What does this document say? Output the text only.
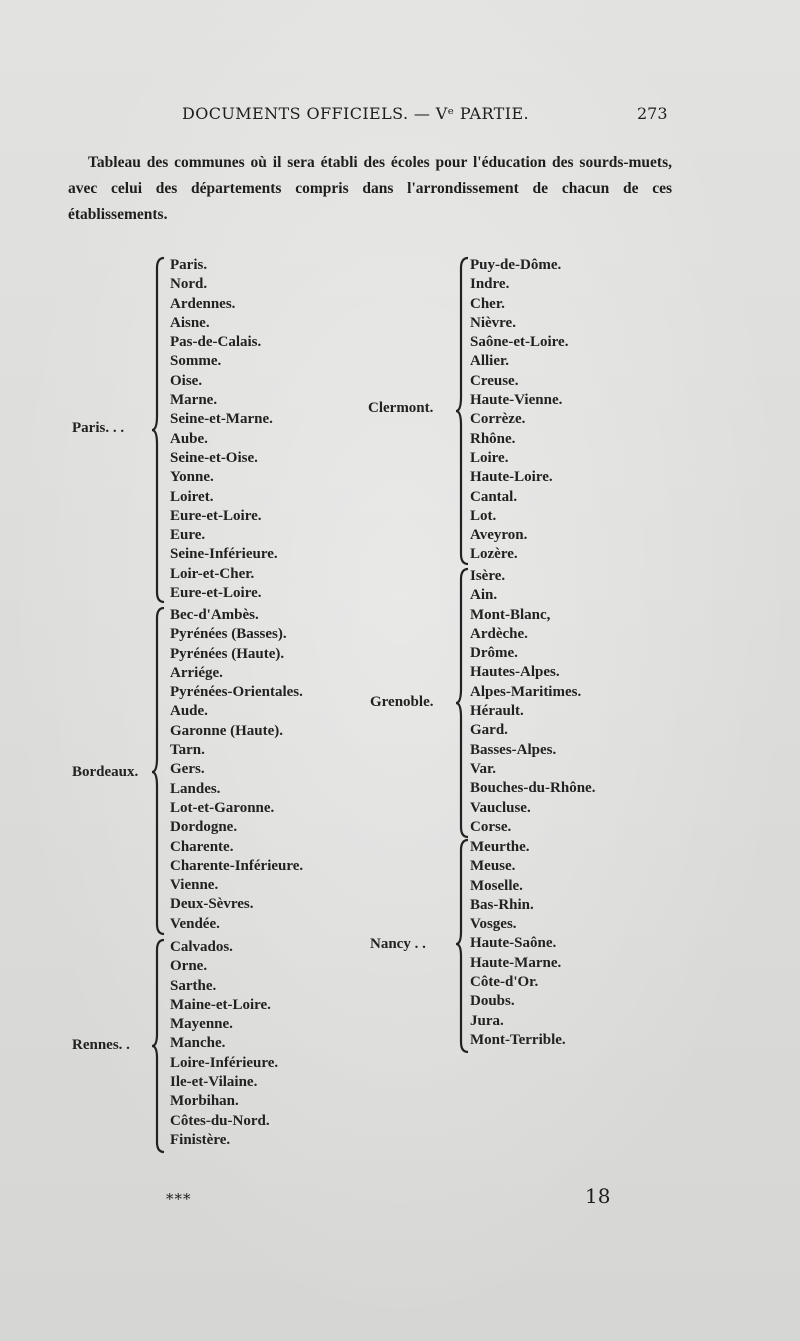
DOCUMENTS OFFICIELS. — Vᵉ PARTIE.	273

Tableau des communes où il sera établi des écoles pour l'éducation des sourds-muets, avec celui des départements compris dans l'arrondissement de chacun de ces établissements.

Paris. . .
Paris.
Nord.
Ardennes.
Aisne.
Pas-de-Calais.
Somme.
Oise.
Marne.
Seine-et-Marne.
Aube.
Seine-et-Oise.
Yonne.
Loiret.
Eure-et-Loire.
Eure.
Seine-Inférieure.
Loir-et-Cher.
Eure-et-Loire.
Bordeaux.
Bec-d'Ambès.
Pyrénées (Basses).
Pyrénées (Haute).
Arriége.
Pyrénées-Orientales.
Aude.
Garonne (Haute).
Tarn.
Gers.
Landes.
Lot-et-Garonne.
Dordogne.
Charente.
Charente-Inférieure.
Vienne.
Deux-Sèvres.
Vendée.
Rennes. .
Calvados.
Orne.
Sarthe.
Maine-et-Loire.
Mayenne.
Manche.
Loire-Inférieure.
Ile-et-Vilaine.
Morbihan.
Côtes-du-Nord.
Finistère.
Clermont.
Puy-de-Dôme.
Indre.
Cher.
Nièvre.
Saône-et-Loire.
Allier.
Creuse.
Haute-Vienne.
Corrèze.
Rhône.
Loire.
Haute-Loire.
Cantal.
Lot.
Aveyron.
Lozère.
Grenoble.
Isère.
Ain.
Mont-Blanc,
Ardèche.
Drôme.
Hautes-Alpes.
Alpes-Maritimes.
Hérault.
Gard.
Basses-Alpes.
Var.
Bouches-du-Rhône.
Vaucluse.
Corse.
Nancy . .
Meurthe.
Meuse.
Moselle.
Bas-Rhin.
Vosges.
Haute-Saône.
Haute-Marne.
Côte-d'Or.
Doubs.
Jura.
Mont-Terrible.
***	18
